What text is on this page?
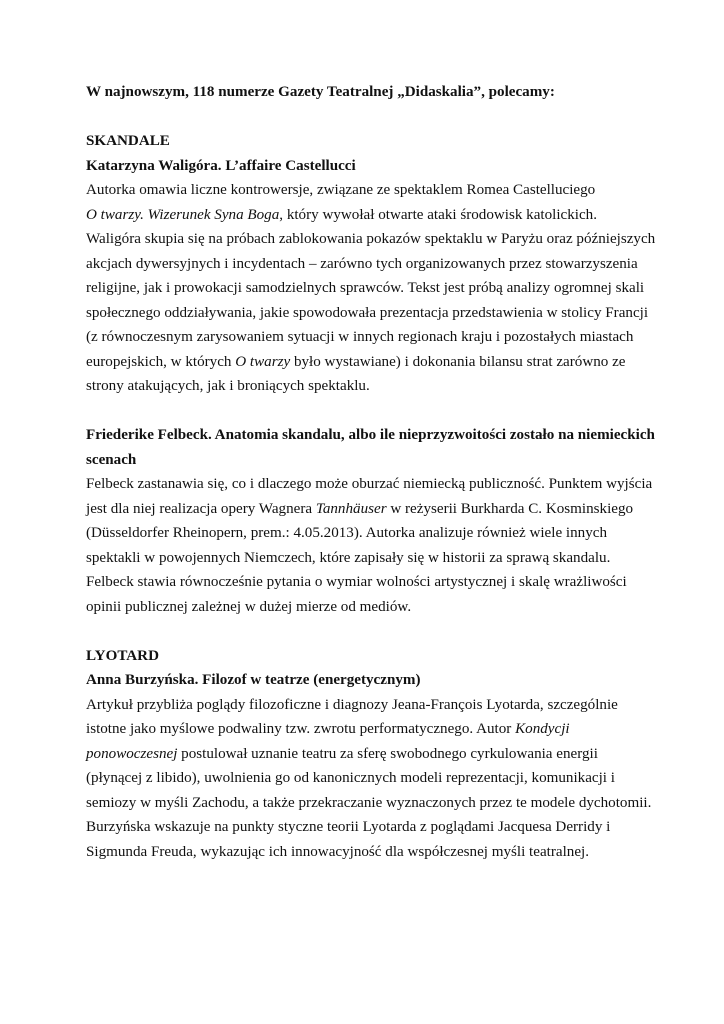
W najnowszym, 118 numerze Gazety Teatralnej „Didaskalia”, polecamy:

SKANDALE

Katarzyna Waligóra. L’affaire Castellucci

Autorka omawia liczne kontrowersje, związane ze spektaklem Romea Castelluciego

O twarzy. Wizerunek Syna Boga, który wywołał otwarte ataki środowisk katolickich.

Waligóra skupia się na próbach zablokowania pokazów spektaklu w Paryżu oraz późniejszych

akcjach dywersyjnych i incydentach – zarówno tych organizowanych przez stowarzyszenia

religijne, jak i prowokacji samodzielnych sprawców. Tekst jest próbą analizy ogromnej skali

społecznego oddziaływania, jakie spowodowała prezentacja przedstawienia w stolicy Francji

(z równoczesnym zarysowaniem sytuacji w innych regionach kraju i pozostałych miastach

europejskich, w których O twarzy było wystawiane) i dokonania bilansu strat zarówno ze

strony atakujących, jak i broniących spektaklu.

Friederike Felbeck. Anatomia skandalu, albo ile nieprzyzwoitości zostało na niemieckich

scenach

Felbeck zastanawia się, co i dlaczego może oburzać niemiecką publiczność. Punktem wyjścia

jest dla niej realizacja opery Wagnera Tannhäuser w reżyserii Burkharda C. Kosminskiego

(Düsseldorfer Rheinopern, prem.: 4.05.2013). Autorka analizuje również wiele innych

spektakli w powojennych Niemczech, które zapisały się w historii za sprawą skandalu.

Felbeck stawia równocześnie pytania o wymiar wolności artystycznej i skalę wrażliwości

opinii publicznej zależnej w dużej mierze od mediów.

LYOTARD

Anna Burzyńska. Filozof w teatrze (energetycznym)

Artykuł przybliża poglądy filozoficzne i diagnozy Jeana-François Lyotarda, szczególnie

istotne jako myślowe podwaliny tzw. zwrotu performatycznego. Autor Kondycji

ponowoczesnej postulował uznanie teatru za sferę swobodnego cyrkulowania energii

(płynącej z libido), uwolnienia go od kanonicznych modeli reprezentacji, komunikacji i

semiozy w myśli Zachodu, a także przekraczanie wyznaczonych przez te modele dychotomii.

Burzyńska wskazuje na punkty styczne teorii Lyotarda z poglądami Jacquesa Derridy i

Sigmunda Freuda, wykazując ich innowacyjność dla współczesnej myśli teatralnej.
